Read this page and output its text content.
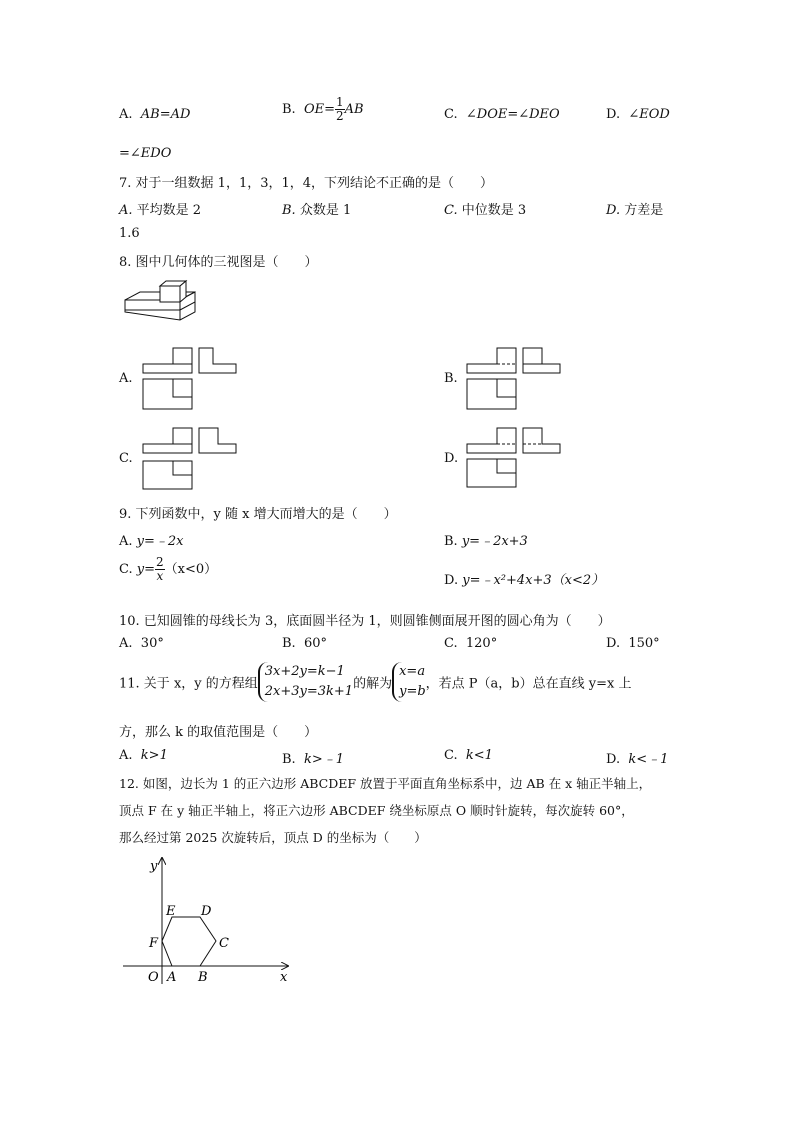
A. AB=AD	B. $OE= \frac{1}{2}$ AB	C. ∠DOE=∠DEO	D. ∠EOD
=∠EDO
7. 对于一组数据 1，1，3，1，4，下列结论不正确的是（　　）
A. 平均数是 2	B. 众数是 1	C. 中位数是 3	D. 方差是
1.6
8. 图中几何体的三视图是（　　）
A.	B.
C.	D.
9. 下列函数中，y 随 x 增大而增大的是（　　）
A. y=﹣2x	B. y=﹣2x+3
C. $y= \frac{2}{x} (x<0)$
D. y=﹣x²+4x+3（x<2）
10. 已知圆锥的母线长为 3，底面圆半径为 1，则圆锥侧面展开图的圆心角为（　　）
A. 30°	B. 60°	C. 120°	D. 150°
11. 关于 x，y 的方程组
3x+2y=k−1
2x+3y=3k+1 的解为
x=a
y=b ，若点 P（a，b）总在直线 y=x 上
方，那么 k 的取值范围是（　　）
A. k>1	B. k>﹣1	C. k<1	D. k<﹣1
12. 如图，边长为 1 的正六边形 ABCDEF 放置于平面直角坐标系中，边 AB 在 x 轴正半轴上，
顶点 F 在 y 轴正半轴上，将正六边形 ABCDEF 绕坐标原点 O 顺时针旋转，每次旋转 60°，
那么经过第 2025 次旋转后，顶点 D 的坐标为（　　）
y
x
O A B
C
D
E
F
